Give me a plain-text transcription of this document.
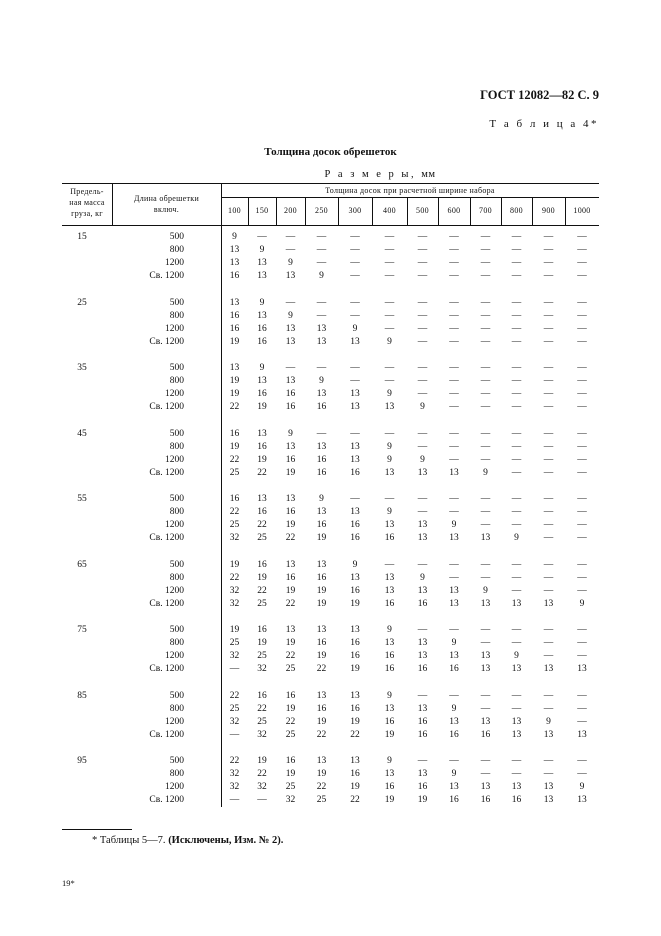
ГОСТ 12082—82 С. 9
Т а б л и ц а 4*
Толщина досок обрешеток
Р а з м е р ы, мм
Предель-
ная масса
груза, кг
Длина обрешетки
включ.
Толщина досок при расчетной ширине набора
100	150	200	250	300	400	500	600	700	800	900	1000
15	500	9	—	—	—	—	—	—	—	—	—	—	—
800	13	9	—	—	—	—	—	—	—	—	—	—
1200	13	13	9	—	—	—	—	—	—	—	—	—
Св. 1200	16	13	13	9	—	—	—	—	—	—	—	—
25	500	13	9	—	—	—	—	—	—	—	—	—	—
800	16	13	9	—	—	—	—	—	—	—	—	—
1200	16	16	13	13	9	—	—	—	—	—	—	—
Св. 1200	19	16	13	13	13	9	—	—	—	—	—	—
35	500	13	9	—	—	—	—	—	—	—	—	—	—
800	19	13	13	9	—	—	—	—	—	—	—	—
1200	19	16	16	13	13	9	—	—	—	—	—	—
Св. 1200	22	19	16	16	13	13	9	—	—	—	—	—
45	500	16	13	9	—	—	—	—	—	—	—	—	—
800	19	16	13	13	13	9	—	—	—	—	—	—
1200	22	19	16	16	13	9	9	—	—	—	—	—
Св. 1200	25	22	19	16	16	13	13	13	9	—	—	—
55	500	16	13	13	9	—	—	—	—	—	—	—	—
800	22	16	16	13	13	9	—	—	—	—	—	—
1200	25	22	19	16	16	13	13	9	—	—	—	—
Св. 1200	32	25	22	19	16	16	13	13	13	9	—	—
65	500	19	16	13	13	9	—	—	—	—	—	—	—
800	22	19	16	16	13	13	9	—	—	—	—	—
1200	32	22	19	19	16	13	13	13	9	—	—	—
Св. 1200	32	25	22	19	19	16	16	13	13	13	13	9
75	500	19	16	13	13	13	9	—	—	—	—	—	—
800	25	19	19	16	16	13	13	9	—	—	—	—
1200	32	25	22	19	16	16	13	13	13	9	—	—
Св. 1200	—	32	25	22	19	16	16	16	13	13	13	13
85	500	22	16	16	13	13	9	—	—	—	—	—	—
800	25	22	19	16	16	13	13	9	—	—	—	—
1200	32	25	22	19	19	16	16	13	13	13	9	—
Св. 1200	—	32	25	22	22	19	16	16	16	13	13	13
95	500	22	19	16	13	13	9	—	—	—	—	—	—
800	32	22	19	19	16	13	13	9	—	—	—	—
1200	32	32	25	22	19	16	16	13	13	13	13	9
Св. 1200	—	—	32	25	22	19	19	16	16	16	13	13
* Таблицы 5—7. (Исключены, Изм. № 2).
19*
